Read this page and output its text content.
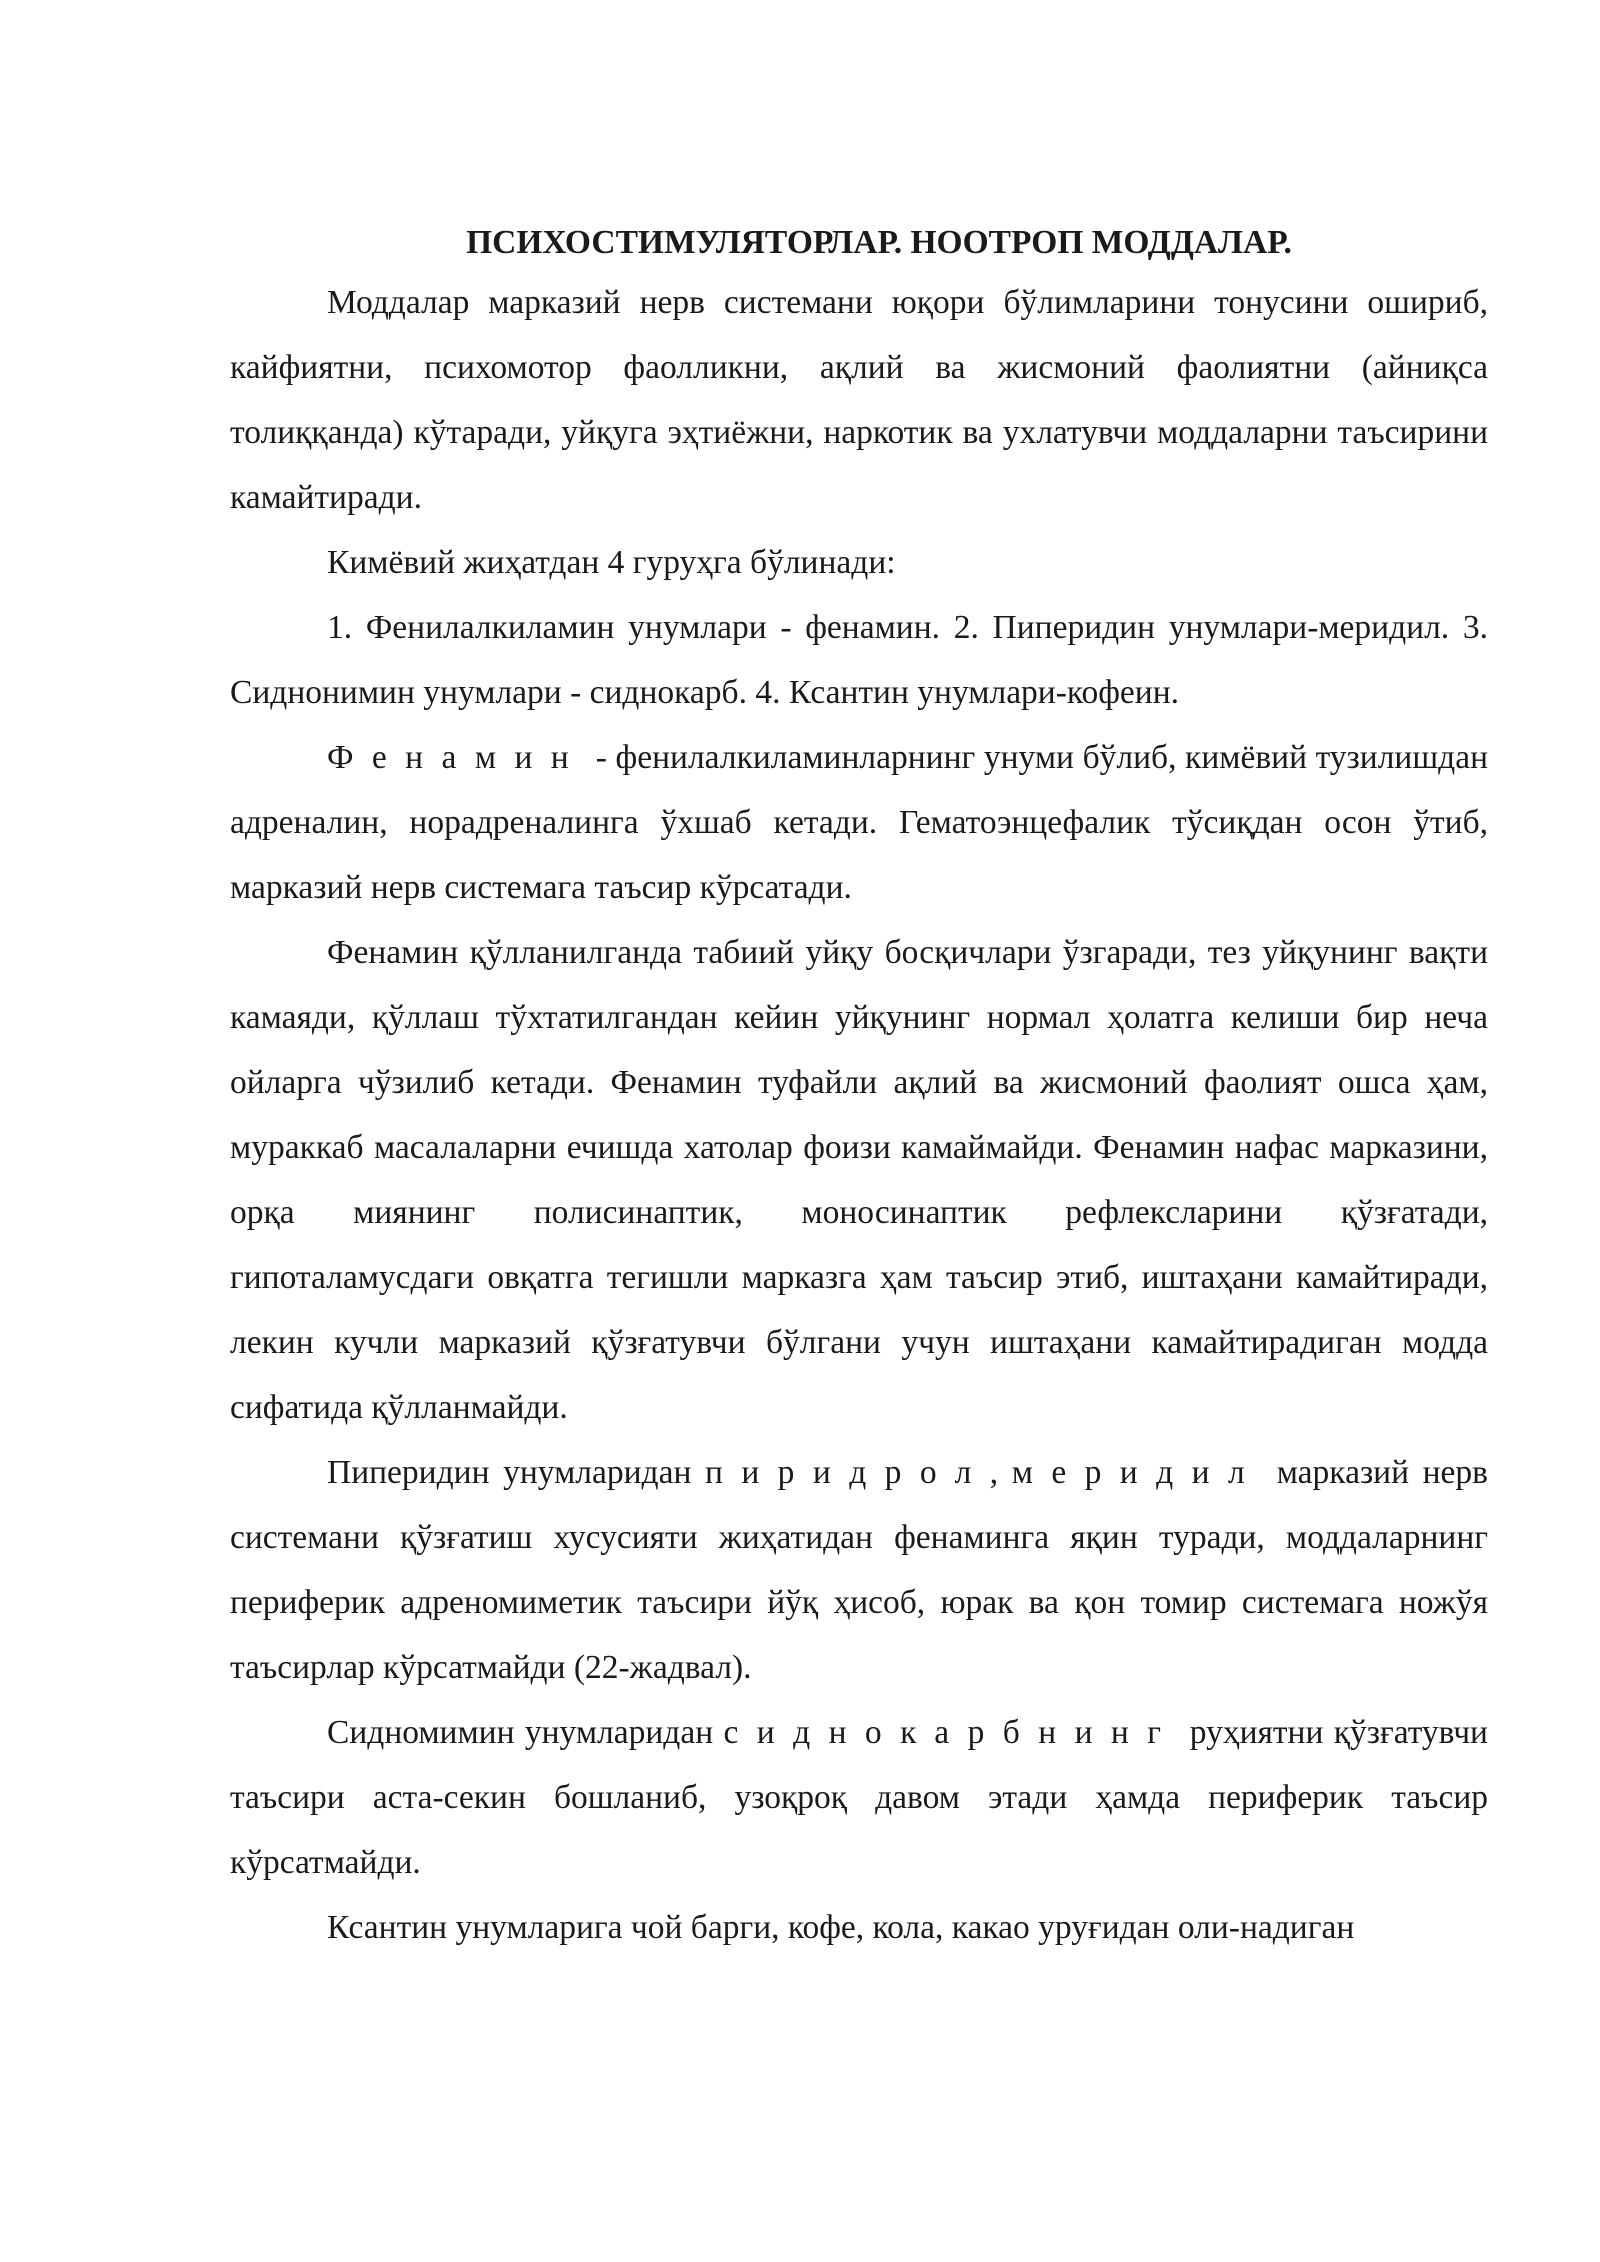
ПСИХОСТИМУЛЯТОРЛАР. НООТРОП МОДДАЛАР.

Моддалар марказий нерв системани юқори бўлимларини тонусини ошириб, кайфиятни, психомотор фаолликни, ақлий ва жисмоний фаолиятни (айниқса толиққанда) кўтаради, уйқуга эҳтиёжни, наркотик ва ухлатувчи моддаларни таъсирини камайтиради.

Кимёвий жиҳатдан 4 гуруҳга бўлинади:

1. Фенилалкиламин унумлари - фенамин. 2. Пиперидин унумлари-меридил. 3. Сиднонимин унумлари - сиднокарб. 4. Ксантин унумлари-кофеин.

Фенамин - фенилалкиламинларнинг унуми бўлиб, кимёвий тузилишдан адреналин, норадреналинга ўхшаб кетади. Гематоэнцефалик тўсиқдан осон ўтиб, марказий нерв системага таъсир кўрсатади.

Фенамин қўлланилганда табиий уйқу босқичлари ўзгаради, тез уйқунинг вақти камаяди, қўллаш тўхтатилгандан кейин уйқунинг нормал ҳолатга келиши бир неча ойларга чўзилиб кетади. Фенамин туфайли ақлий ва жисмоний фаолият ошса ҳам, мураккаб масалаларни ечишда хатолар фоизи камаймайди. Фенамин нафас марказини, орқа миянинг полисинаптик, моносинаптик рефлексларини қўзғатади, гипоталамусдаги овқатга тегишли марказга ҳам таъсир этиб, иштаҳани камайтиради, лекин кучли марказий қўзғатувчи бўлгани учун иштаҳани камайтирадиган модда сифатида қўлланмайди.

Пиперидин унумларидан пиридрол, меридил марказий нерв системани қўзғатиш хусусияти жиҳатидан фенаминга яқин туради, моддаларнинг периферик адреномиметик таъсири йўқ ҳисоб, юрак ва қон томир системага ножўя таъсирлар кўрсатмайди (22-жадвал).

Сидномимин унумларидан сиднокарбнинг руҳиятни қўзғатувчи таъсири аста-секин бошланиб, узоқроқ давом этади ҳамда периферик таъсир кўрсатмайди.

Ксантин унумларига чой барги, кофе, кола, какао уруғидан оли-надиган
